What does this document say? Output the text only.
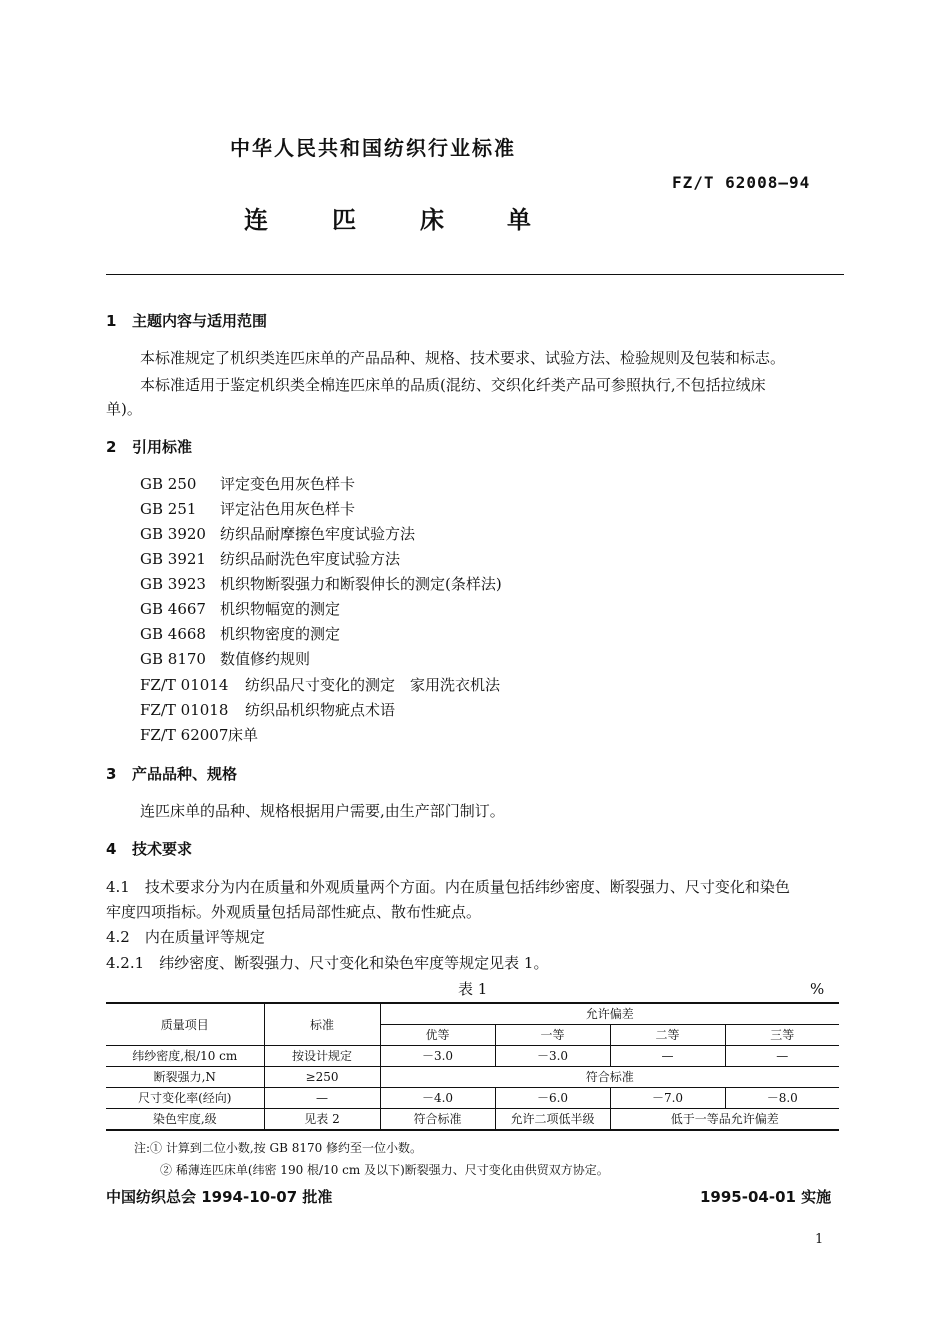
中华人民共和国纺织行业标准
FZ/T 62008—94
连	匹	床	单
1 主题内容与适用范围
本标准规定了机织类连匹床单的产品品种、规格、技术要求、试验方法、检验规则及包装和标志。
本标准适用于鉴定机织类全棉连匹床单的品质(混纺、交织化纤类产品可参照执行,不包括拉绒床
单)。
2 引用标准
GB 250 评定变色用灰色样卡
GB 251 评定沾色用灰色样卡
GB 3920 纺织品耐摩擦色牢度试验方法
GB 3921 纺织品耐洗色牢度试验方法
GB 3923 机织物断裂强力和断裂伸长的测定(条样法)
GB 4667 机织物幅宽的测定
GB 4668 机织物密度的测定
GB 8170 数值修约规则
FZ/T 01014 纺织品尺寸变化的测定　家用洗衣机法
FZ/T 01018 纺织品机织物疵点术语
FZ/T 62007床单
3 产品品种、规格
连匹床单的品种、规格根据用户需要,由生产部门制订。
4 技术要求
4.1　技术要求分为内在质量和外观质量两个方面。内在质量包括纬纱密度、断裂强力、尺寸变化和染色
牢度四项指标。外观质量包括局部性疵点、散布性疵点。
4.2　内在质量评等规定
4.2.1　纬纱密度、断裂强力、尺寸变化和染色牢度等规定见表 1。
表 1	%
质量项目	标准	允许偏差			
		优等	一等	二等	三等
纬纱密度,根/10 cm	按设计规定	－3.0	－3.0	—	—
断裂强力,N	≥250	符合标准			
尺寸变化率(经向)	—	－4.0	－6.0	－7.0	－8.0
染色牢度,级	见表 2	符合标准	允许二项低半级	低于一等品允许偏差	
注:① 计算到二位小数,按 GB 8170 修约至一位小数。
② 稀薄连匹床单(纬密 190 根/10 cm 及以下)断裂强力、尺寸变化由供贸双方协定。
中国纺织总会 1994-10-07 批准	1995-04-01 实施
1
